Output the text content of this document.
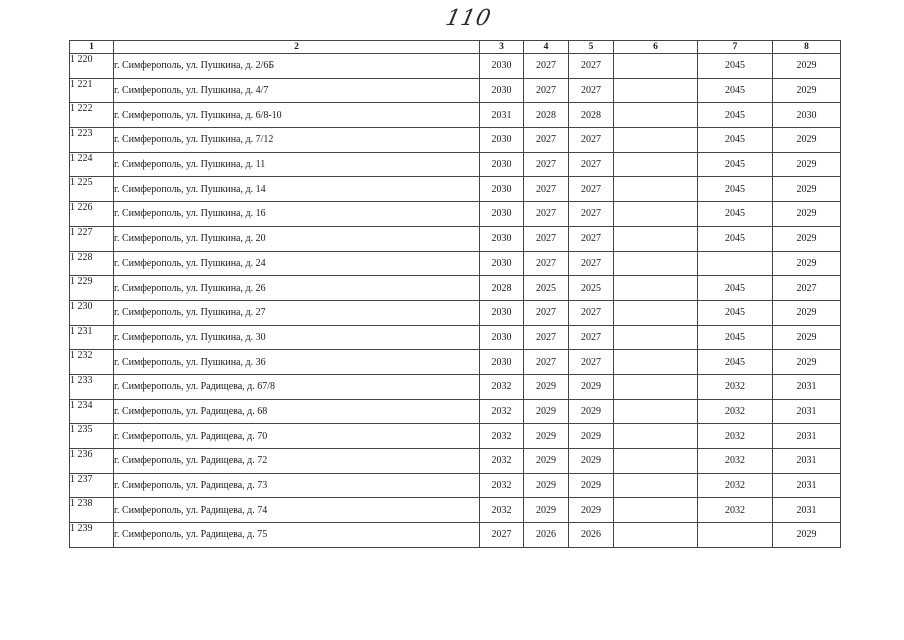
110
1	2	3	4	5	6	7	8
1 220	г. Симферополь, ул. Пушкина, д. 2/6Б	2030	2027	2027		2045	2029
1 221	г. Симферополь, ул. Пушкина, д. 4/7	2030	2027	2027		2045	2029
1 222	г. Симферополь, ул. Пушкина, д. 6/8-10	2031	2028	2028		2045	2030
1 223	г. Симферополь, ул. Пушкина, д. 7/12	2030	2027	2027		2045	2029
1 224	г. Симферополь, ул. Пушкина, д. 11	2030	2027	2027		2045	2029
1 225	г. Симферополь, ул. Пушкина, д. 14	2030	2027	2027		2045	2029
1 226	г. Симферополь, ул. Пушкина, д. 16	2030	2027	2027		2045	2029
1 227	г. Симферополь, ул. Пушкина, д. 20	2030	2027	2027		2045	2029
1 228	г. Симферополь, ул. Пушкина, д. 24	2030	2027	2027			2029
1 229	г. Симферополь, ул. Пушкина, д. 26	2028	2025	2025		2045	2027
1 230	г. Симферополь, ул. Пушкина, д. 27	2030	2027	2027		2045	2029
1 231	г. Симферополь, ул. Пушкина, д. 30	2030	2027	2027		2045	2029
1 232	г. Симферополь, ул. Пушкина, д. 36	2030	2027	2027		2045	2029
1 233	г. Симферополь, ул. Радищева, д. 67/8	2032	2029	2029		2032	2031
1 234	г. Симферополь, ул. Радищева, д. 68	2032	2029	2029		2032	2031
1 235	г. Симферополь, ул. Радищева, д. 70	2032	2029	2029		2032	2031
1 236	г. Симферополь, ул. Радищева, д. 72	2032	2029	2029		2032	2031
1 237	г. Симферополь, ул. Радищева, д. 73	2032	2029	2029		2032	2031
1 238	г. Симферополь, ул. Радищева, д. 74	2032	2029	2029		2032	2031
1 239	г. Симферополь, ул. Радищева, д. 75	2027	2026	2026			2029
